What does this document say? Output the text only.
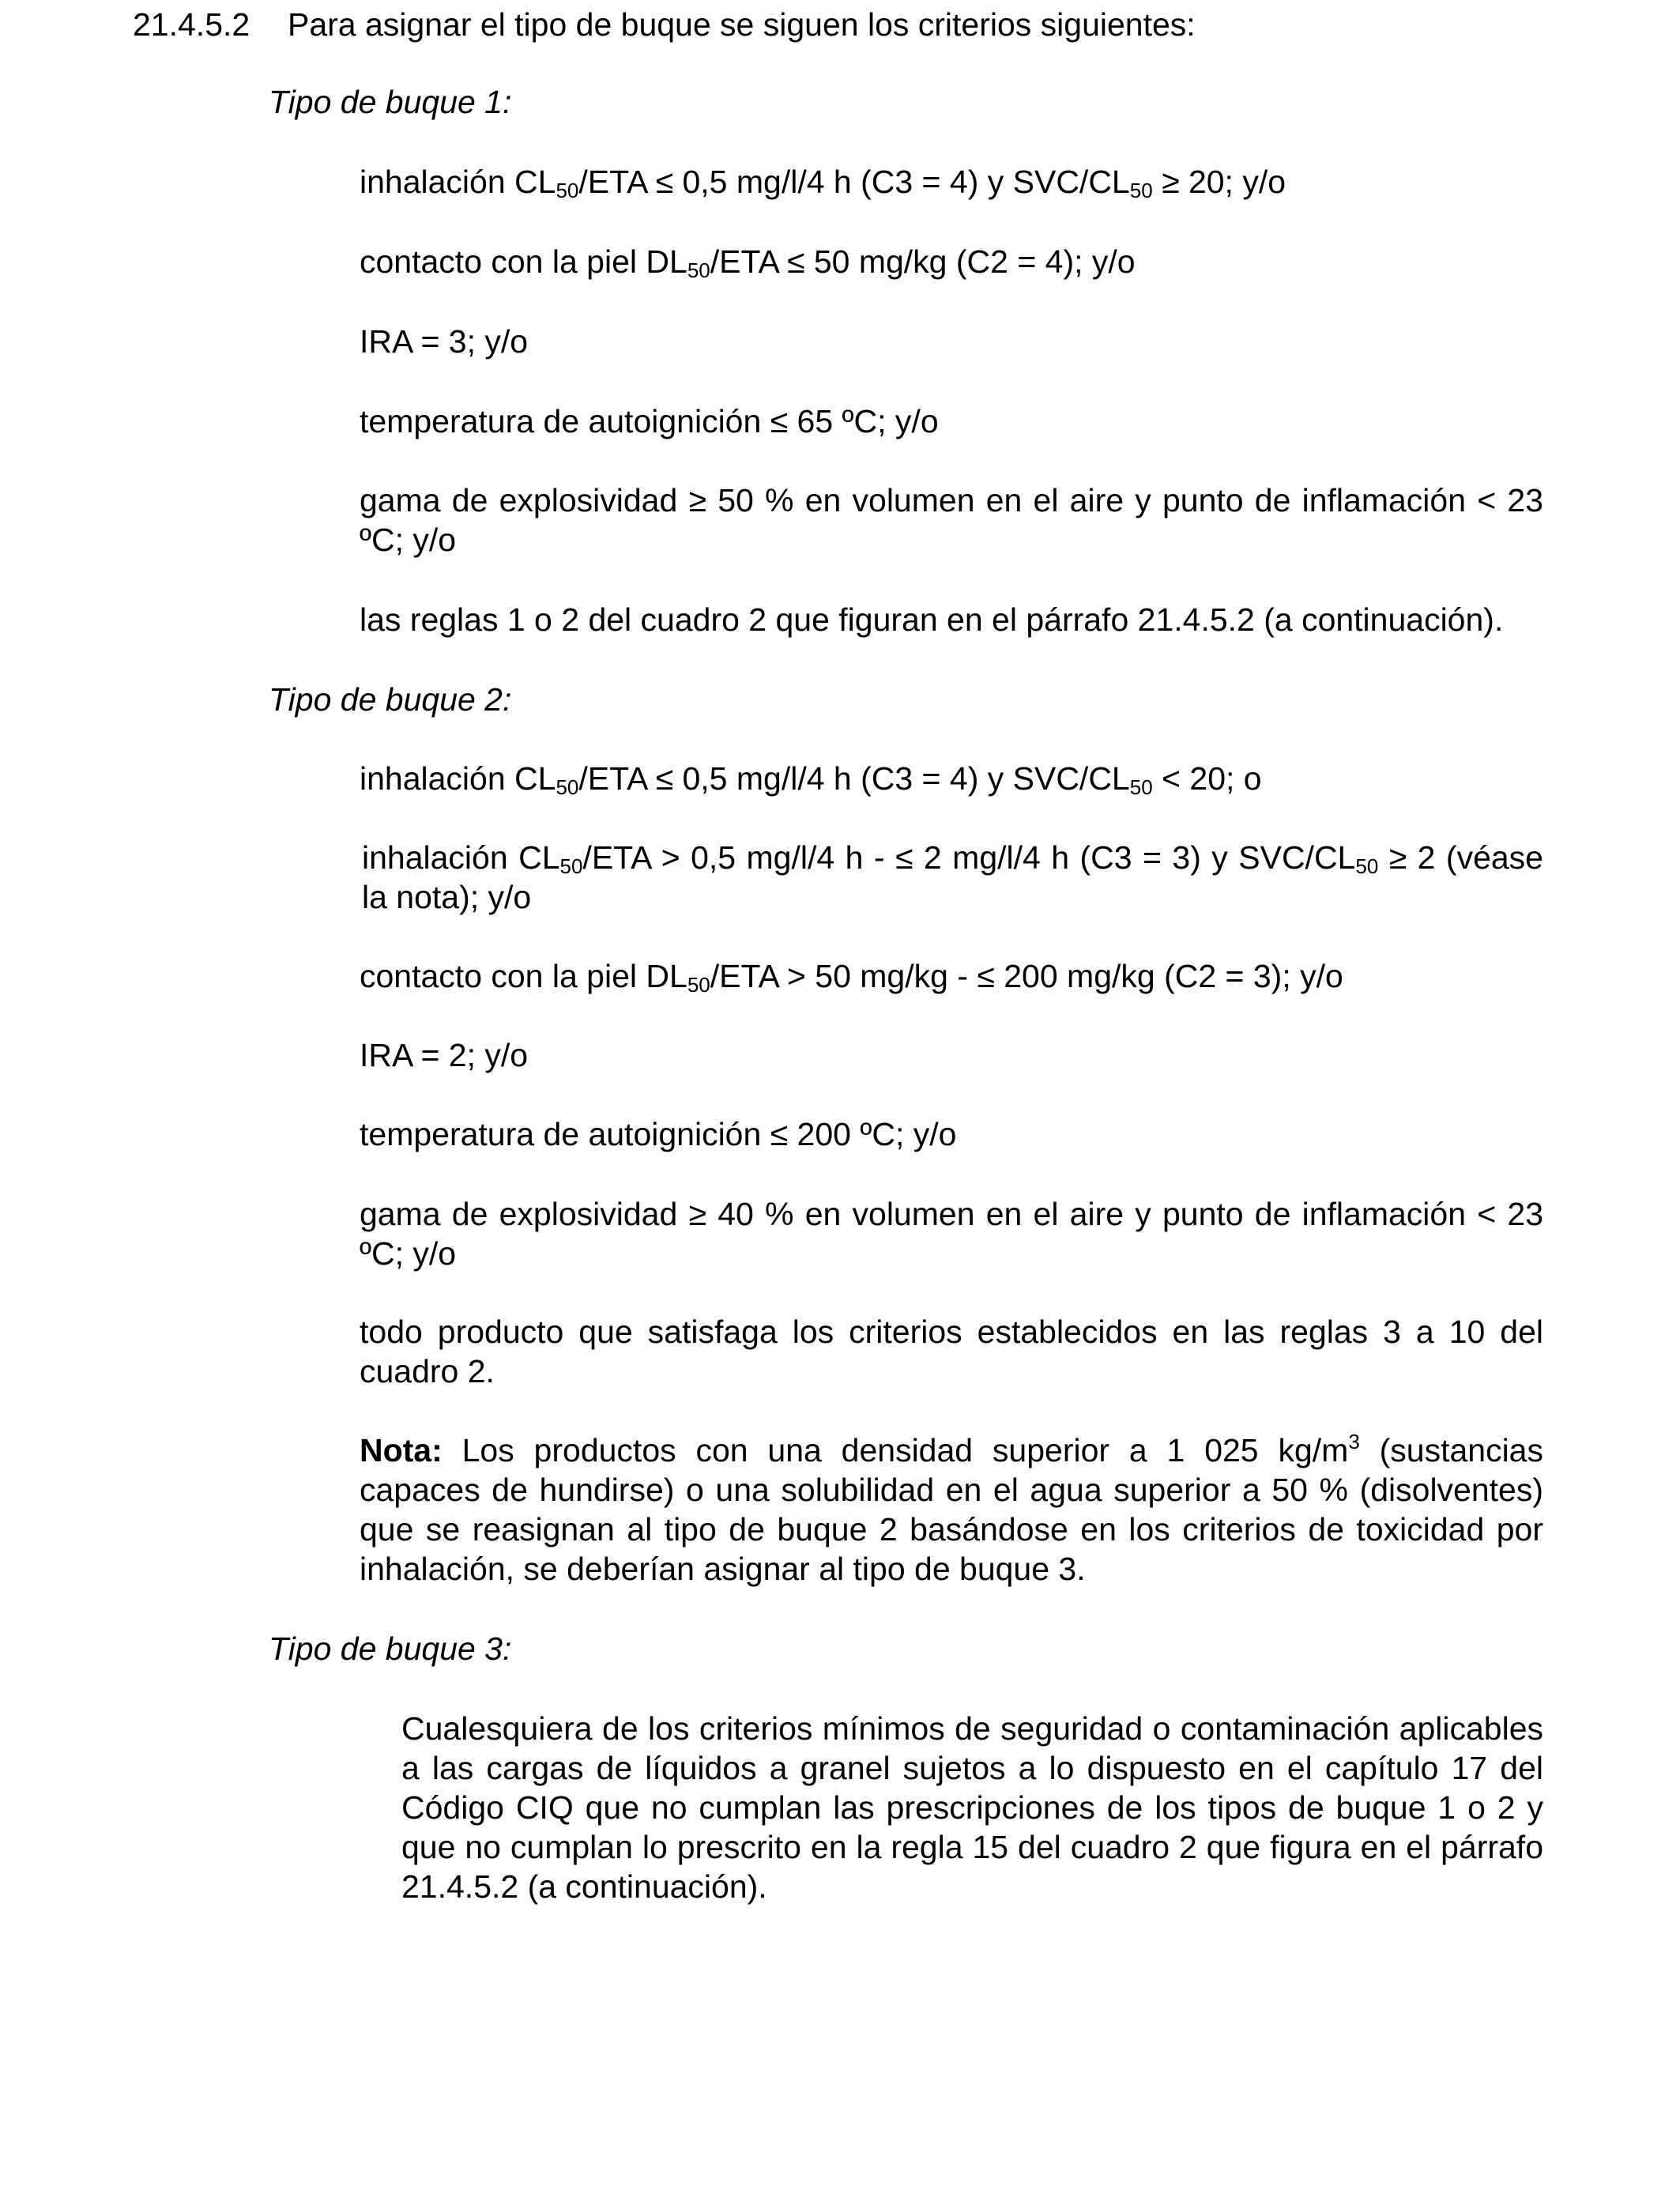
21.4.5.2 Para asignar el tipo de buque se siguen los criterios siguientes:
Tipo de buque 1:
inhalación $CL_{50}$/ETA ≤ 0,5 mg/l/4 h (C3 = 4) y SVC/$CL_{50} \ge 20$; y/o
contacto con la piel $DL_{50}$/ETA ≤ 50 mg/kg (C2 = 4); y/o
IRA = 3; y/o
temperatura de autoignición ≤ 65 ºC; y/o
gama de explosividad ≥ 50 % en volumen en el aire y punto de inflamación < 23 ºC; y/o
las reglas 1 o 2 del cuadro 2 que figuran en el párrafo 21.4.5.2 (a continuación).
Tipo de buque 2:
inhalación $CL_{50}$/ETA ≤ 0,5 mg/l/4 h (C3 = 4) y SVC/$CL_{50} < 20$; o
inhalación $CL_{50}$/ETA > 0,5 mg/l/4 h - ≤ 2 mg/l/4 h (C3 = 3) y SVC/$CL_{50} \ge 2$ (véase la nota); y/o
contacto con la piel $DL_{50}$/ETA > 50 mg/kg - ≤ 200 mg/kg (C2 = 3); y/o
IRA = 2; y/o
temperatura de autoignición ≤ 200 ºC; y/o
gama de explosividad ≥ 40 % en volumen en el aire y punto de inflamación < 23 ºC; y/o
todo producto que satisfaga los criterios establecidos en las reglas 3 a 10 del cuadro 2.
Nota: Los productos con una densidad superior a 1 025 $kg/m^3$ (sustancias capaces de hundirse) o una solubilidad en el agua superior a 50 % (disolventes) que se reasignan al tipo de buque 2 basándose en los criterios de toxicidad por inhalación, se deberían asignar al tipo de buque 3.
Tipo de buque 3:
Cualesquiera de los criterios mínimos de seguridad o contaminación aplicables a las cargas de líquidos a granel sujetos a lo dispuesto en el capítulo 17 del Código CIQ que no cumplan las prescripciones de los tipos de buque 1 o 2 y que no cumplan lo prescrito en la regla 15 del cuadro 2 que figura en el párrafo 21.4.5.2 (a continuación).
